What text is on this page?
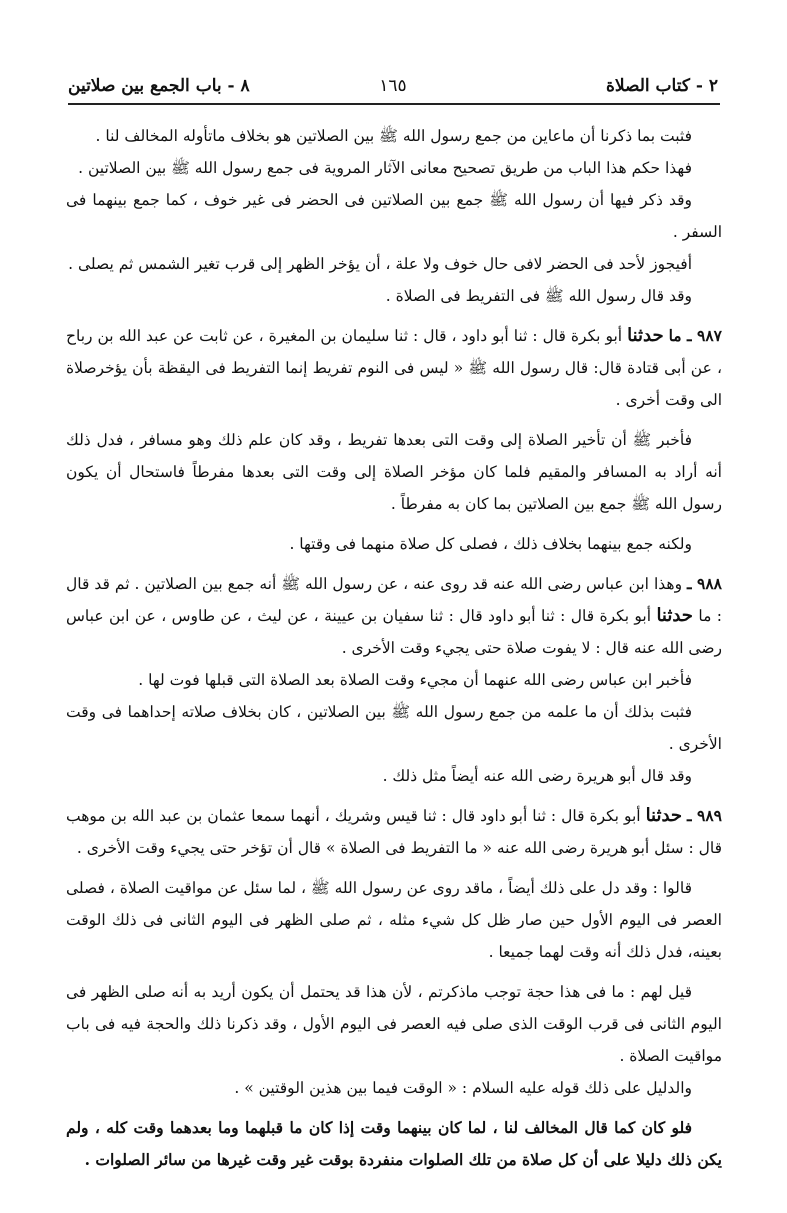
٢ - كتاب الصلاة
١٦٥
٨ - باب الجمع بين صلاتين

فثبت بما ذكرنا أن ماعاين من جمع رسول الله ﷺ بين الصلاتين هو بخلاف ماتأوله المخالف لنا .

فهذا حكم هذا الباب من طريق تصحيح معانى الآثار المروية فى جمع رسول الله ﷺ بين الصلاتين .

وقد ذكر فيها أن رسول الله ﷺ جمع بين الصلاتين فى الحضر فى غير خوف ، كما جمع بينهما فى السفر .

أفيجوز لأحد فى الحضر لافى حال خوف ولا علة ، أن يؤخر الظهر إلى قرب تغير الشمس ثم يصلى .

وقد قال رسول الله ﷺ فى التفريط فى الصلاة .

٩٨٧ ـ ما حدثنا أبو بكرة قال : ثنا أبو داود ، قال : ثنا سليمان بن المغيرة ، عن ثابت عن عبد الله بن رباح ، عن أبى قتادة قال: قال رسول الله ﷺ « ليس فى النوم تفريط إنما التفريط فى اليقظة بأن يؤخرصلاة الى وقت أخرى .

فأخبر ﷺ أن تأخير الصلاة إلى وقت التى بعدها تفريط ، وقد كان علم ذلك وهو مسافر ، فدل ذلك أنه أراد به المسافر والمقيم فلما كان مؤخر الصلاة إلى وقت التى بعدها مفرطاً فاستحال أن يكون رسول الله ﷺ جمع بين الصلاتين بما كان به مفرطاً .

ولكنه جمع بينهما بخلاف ذلك ، فصلى كل صلاة منهما فى وقتها .

٩٨٨ ـ وهذا ابن عباس رضى الله عنه قد روى عنه ، عن رسول الله ﷺ أنه جمع بين الصلاتين . ثم قد قال : ما حدثنا أبو بكرة قال : ثنا أبو داود قال : ثنا سفيان بن عيينة ، عن ليث ، عن طاوس ، عن ابن عباس رضى الله عنه قال : لا يفوت صلاة حتى يجيء وقت الأخرى .

فأخبر ابن عباس رضى الله عنهما أن مجيء وقت الصلاة بعد الصلاة التى قبلها فوت لها .

فثبت بذلك أن ما علمه من جمع رسول الله ﷺ بين الصلاتين ، كان بخلاف صلاته إحداهما فى وقت الأخرى .

وقد قال أبو هريرة رضى الله عنه أيضاً مثل ذلك .

٩٨٩ ـ حدثنا أبو بكرة قال : ثنا أبو داود قال : ثنا قيس وشريك ، أنهما سمعا عثمان بن عبد الله بن موهب قال : سئل أبو هريرة رضى الله عنه « ما التفريط فى الصلاة » قال أن تؤخر حتى يجيء وقت الأخرى .

قالوا : وقد دل على ذلك أيضاً ، ماقد روى عن رسول الله ﷺ ، لما سئل عن مواقيت الصلاة ، فصلى العصر فى اليوم الأول حين صار ظل كل شيء مثله ، ثم صلى الظهر فى اليوم الثانى فى ذلك الوقت بعينه، فدل ذلك أنه وقت لهما جميعا .

قيل لهم : ما فى هذا حجة توجب ماذكرتم ، لأن هذا قد يحتمل أن يكون أريد به أنه صلى الظهر فى اليوم الثانى فى قرب الوقت الذى صلى فيه العصر فى اليوم الأول ، وقد ذكرنا ذلك والحجة فيه فى باب مواقيت الصلاة .

والدليل على ذلك قوله عليه السلام : « الوقت فيما بين هذين الوقتين » .

فلو كان كما قال المخالف لنا ، لما كان بينهما وقت إذا كان ما قبلهما وما بعدهما وقت كله ، ولم يكن ذلك دليلا على أن كل صلاة من تلك الصلوات منفردة بوقت غير وقت غيرها من سائر الصلوات .
